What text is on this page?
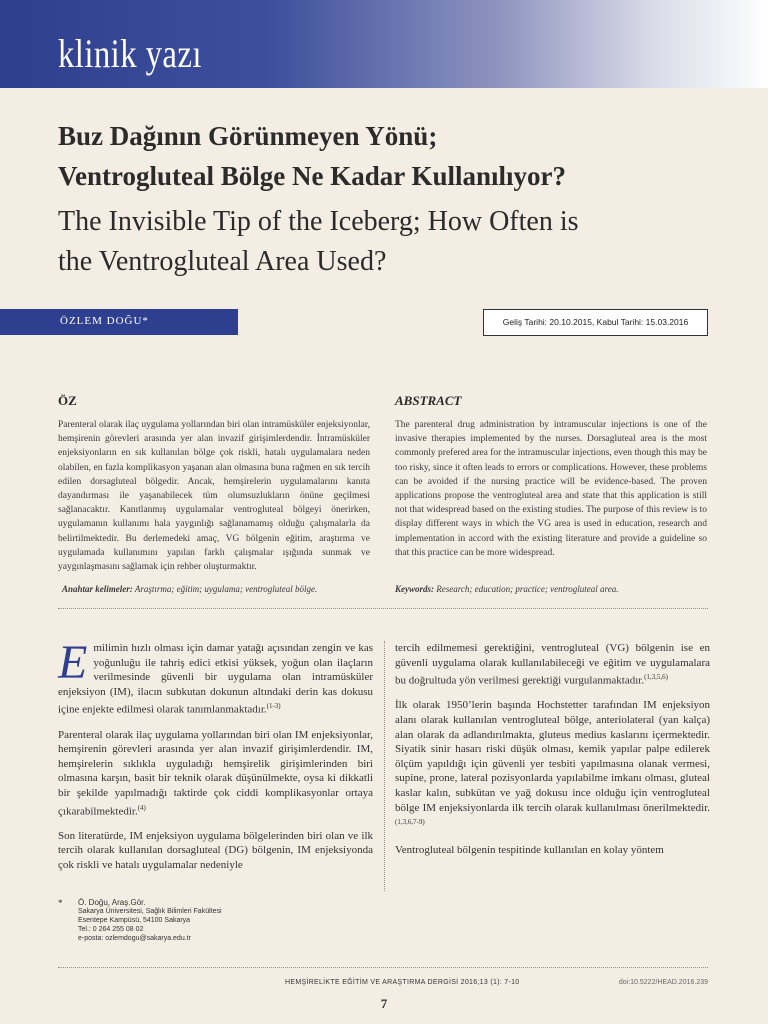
klinik yazı
Buz Dağının Görünmeyen Yönü;
Ventrogluteal Bölge Ne Kadar Kullanılıyor?
The Invisible Tip of the Iceberg; How Often is
the Ventrogluteal Area Used?
ÖZLEM DOĞU*	Geliş Tarihi: 20.10.2015, Kabul Tarihi: 15.03.2016
ÖZ	ABSTRACT

Parenteral olarak ilaç uygulama yollarından biri olan intramüsküler enjeksiyonlar, hemşirenin görevleri arasında yer alan invazif girişimlerdendir. İntramüsküler enjeksiyonların en sık kullanılan bölge çok riskli, hatalı uygulamalara neden olabilen, en fazla komplikasyon yaşanan alan olmasına buna rağmen en sık tercih edilen dorsagluteal bölgedir. Ancak, hemşirelerin uygulamalarını kanıta dayandırması ile yaşanabilecek tüm olumsuzlukların önüne geçilmesi sağlanacaktır. Kanıtlanmış uygulamalar ventrogluteal bölgeyi önerirken, uygulamanın kullanımı hala yaygınlığı sağlanamamış olduğu çalışmalarla da belirtilmektedir. Bu derlemedeki amaç, VG bölgenin eğitim, araştırma ve uygulamada kullanımını yapılan farklı çalışmalar ışığında sunmak ve yaygınlaşmasını sağlamak için rehber oluşturmaktır.

The parenteral drug administration by intramuscular injections is one of the invasive therapies implemented by the nurses. Dorsagluteal area is the most commonly prefered area for the intramuscular injections, even though this may be too risky, since it often leads to errors or complications. However, these problems can be avoided if the nursing practice will be evidence-based. The proven applications propose the ventrogluteal area and state that this application is still not that widespread based on the existing studies. The purpose of this review is to display different ways in which the VG area is used in education, research and implementation in accord with the existing literature and provide a guideline so that this practice can be more widespread.

Anahtar kelimeler: Araştırma; eğitim; uygulama; ventrogluteal bölge.	Keywords: Research; education; practice; ventrogluteal area.

Emilimin hızlı olması için damar yatağı açısından zengin ve kas yoğunluğu ile tahriş edici etkisi yüksek, yoğun olan ilaçların verilmesinde güvenli bir uygulama olan intramüsküler enjeksiyon (IM), ilacın subkutan dokunun altındaki derin kas dokusu içine enjekte edilmesi olarak tanımlanmaktadır.$^{(1-3)}$

Parenteral olarak ilaç uygulama yollarından biri olan IM enjeksiyonlar, hemşirenin görevleri arasında yer alan invazif girişimlerdendir. IM, hemşirelerin sıklıkla uyguladığı hemşirelik girişimlerinden biri olmasına karşın, basit bir teknik olarak düşünülmekte, oysa ki dikkatli bir şekilde yapılmadığı taktirde çok ciddi komplikasyonlar ortaya çıkarabilmektedir.$^{(4)}$

Son literatürde, IM enjeksiyon uygulama bölgelerinden biri olan ve ilk tercih olarak kullanılan dorsagluteal (DG) bölgenin, IM enjeksiyonda çok riskli ve hatalı uygulamalar nedeniyle

tercih edilmemesi gerektiğini, ventrogluteal (VG) bölgenin ise en güvenli uygulama olarak kullanılabileceği ve eğitim ve uygulamalara bu doğrultuda yön verilmesi gerektiği vurgulanmaktadır.$^{(1,3,5,6)}$

İlk olarak 1950’lerin başında Hochstetter tarafından IM enjeksiyon alanı olarak kullanılan ventrogluteal bölge, anteriolateral (yan kalça) alan olarak da adlandırılmakta, gluteus medius kaslarını içermektedir. Siyatik sinir hasarı riski düşük olması, kemik yapılar palpe edilerek ölçüm yapıldığı için güvenli yer tesbiti yapılmasına olanak vermesi, supine, prone, lateral pozisyonlarda yapılabilme imkanı olması, gluteal kaslar kalın, subkütan ve yağ dokusu ince olduğu için ventrogluteal bölge IM enjeksiyonlarda ilk tercih olarak kullanılması önerilmektedir.$^{(1,3,6,7-9)}$

Ventrogluteal bölgenin tespitinde kullanılan en kolay yöntem

* Ö. Doğu, Araş.Gör.
Sakarya Üniversitesi, Sağlık Bilimleri Fakültesi
Esentepe Kampüsü, 54100 Sakarya
Tel.: 0 264 255 08 02
e-posta: ozlemdogu@sakarya.edu.tr
HEMŞİRELİKTE EĞİTİM VE ARAŞTIRMA DERGİSİ 2016;13 (1): 7-10	doi:10.5222/HEAD.2016.239
7
